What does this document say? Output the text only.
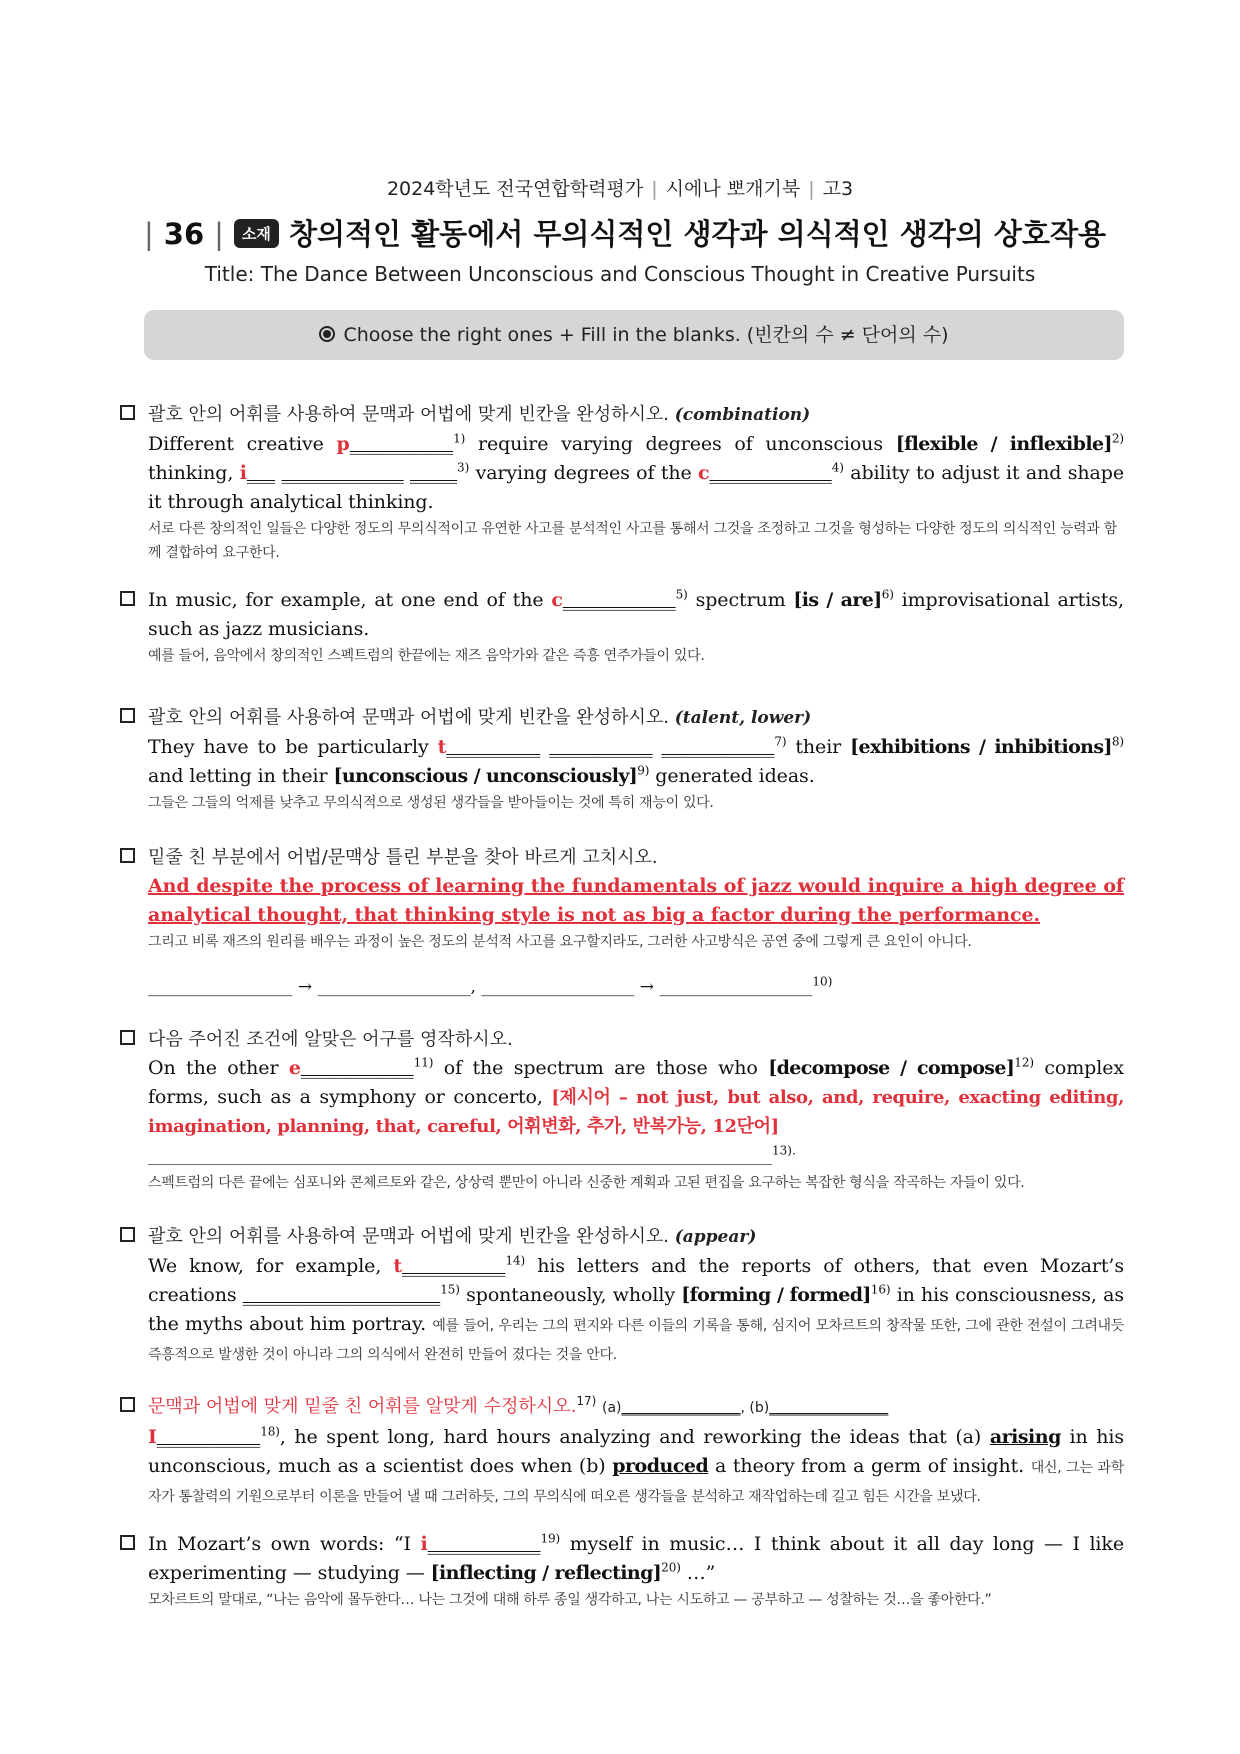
2024학년도 전국연합학력평가 | 시에나 뽀개기북 | 고3
| 36 | 소재 창의적인 활동에서 무의식적인 생각과 의식적인 생각의 상호작용
Title: The Dance Between Unconscious and Conscious Thought in Creative Pursuits
Choose the right ones + Fill in the blanks. (빈칸의 수 ≠ 단어의 수)
괄호 안의 어휘를 사용하여 문맥과 어법에 맞게 빈칸을 완성하시오. (combination)
Different creative p___________$^{1)}$ require varying degrees of unconscious [flexible / inflexible]$^{2)}$ thinking, i___ _____________ _____$^{3)}$ varying degrees of the c_____________$^{4)}$ ability to adjust it and shape it through analytical thinking.
서로 다른 창의적인 일들은 다양한 정도의 무의식적이고 유연한 사고를 분석적인 사고를 통해서 그것을 조정하고 그것을 형성하는 다양한 정도의 의식적인 능력과 함께 결합하여 요구한다.
In music, for example, at one end of the c____________$^{5)}$ spectrum [is / are]$^{6)}$ improvisational artists, such as jazz musicians.
예를 들어, 음악에서 창의적인 스펙트럼의 한끝에는 재즈 음악가와 같은 즉흥 연주가들이 있다.
괄호 안의 어휘를 사용하여 문맥과 어법에 맞게 빈칸을 완성하시오. (talent, lower)
They have to be particularly t__________ ___________ ____________$^{7)}$ their [exhibitions / inhibitions]$^{8)}$ and letting in their [unconscious / unconsciously]$^{9)}$ generated ideas.
그들은 그들의 억제를 낮추고 무의식적으로 생성된 생각들을 받아들이는 것에 특히 재능이 있다.
밑줄 친 부분에서 어법/문맥상 틀린 부분을 찾아 바르게 고치시오.
And despite the process of learning the fundamentals of jazz would inquire a high degree of analytical thought, that thinking style is not as big a factor during the performance.
그리고 비록 재즈의 원리를 배우는 과정이 높은 정도의 분석적 사고를 요구할지라도, 그러한 사고방식은 공연 중에 그렇게 큰 요인이 아니다.
_________________ → __________________, __________________ → __________________$^{10)}$
다음 주어진 조건에 알맞은 어구를 영작하시오.
On the other e____________$^{11)}$ of the spectrum are those who [decompose / compose]$^{12)}$ complex forms, such as a symphony or concerto, [제시어 – not just, but also, and, require, exacting editing, imagination, planning, that, careful, 어휘변화, 추가, 반복가능, 12단어]
______________________________________________________________________________$^{13).}$
스펙트럼의 다른 끝에는 심포니와 콘체르토와 같은, 상상력 뿐만이 아니라 신중한 계획과 고된 편집을 요구하는 복잡한 형식을 작곡하는 자들이 있다.
괄호 안의 어휘를 사용하여 문맥과 어법에 맞게 빈칸을 완성하시오. (appear)
We know, for example, t___________$^{14)}$ his letters and the reports of others, that even Mozart’s creations _____________________$^{15)}$ spontaneously, wholly [forming / formed]$^{16)}$ in his consciousness, as the myths about him portray. 예를 들어, 우리는 그의 편지와 다른 이들의 기록을 통해, 심지어 모차르트의 창작물 또한, 그에 관한 전설이 그려내듯 즉흥적으로 발생한 것이 아니라 그의 의식에서 완전히 만들어 졌다는 것을 안다.
문맥과 어법에 맞게 밑줄 친 어휘를 알맞게 수정하시오.$^{17)}$ (a)_________________, (b)_________________
I___________$^{18)}$, he spent long, hard hours analyzing and reworking the ideas that (a) arising in his unconscious, much as a scientist does when (b) produced a theory from a germ of insight. 대신, 그는 과학자가 통찰력의 기원으로부터 이론을 만들어 낼 때 그러하듯, 그의 무의식에 떠오른 생각들을 분석하고 재작업하는데 길고 힘든 시간을 보냈다.
In Mozart’s own words: “I i____________$^{19)}$ myself in music… I think about it all day long — I like experimenting — studying — [inflecting / reflecting]$^{20)}$ …”
모차르트의 말대로, “나는 음악에 몰두한다… 나는 그것에 대해 하루 종일 생각하고, 나는 시도하고 — 공부하고 — 성찰하는 것…을 좋아한다.”
